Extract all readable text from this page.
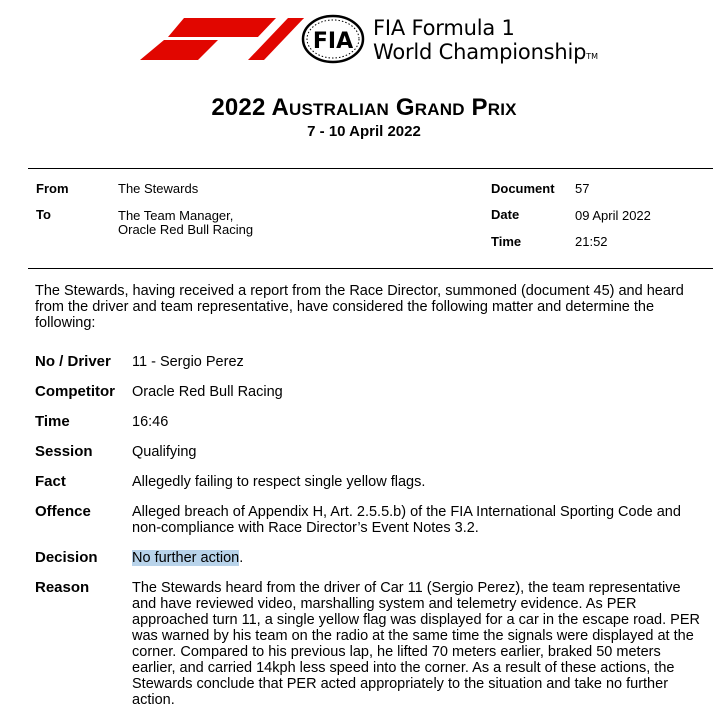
FIA
FIA Formula 1
World ChampionshipTM
2022 Australian Grand Prix
7 - 10 April 2022
From	The Stewards
To	The Team Manager,
Oracle Red Bull Racing
Document 57
Date	09 April 2022
Time	21:52
The Stewards, having received a report from the Race Director, summoned (document 45) and heard from the driver and team representative, have considered the following matter and determine the following:
No / Driver 11 - Sergio Perez
Competitor Oracle Red Bull Racing
Time	16:46
Session	Qualifying
Fact	Allegedly failing to respect single yellow flags.
Offence	Alleged breach of Appendix H, Art. 2.5.5.b) of the FIA International Sporting Code and non-compliance with Race Director’s Event Notes 3.2.
Decision No further action.
Reason	The Stewards heard from the driver of Car 11 (Sergio Perez), the team representative and have reviewed video, marshalling system and telemetry evidence. As PER approached turn 11, a single yellow flag was displayed for a car in the escape road. PER was warned by his team on the radio at the same time the signals were displayed at the corner. Compared to his previous lap, he lifted 70 meters earlier, braked 50 meters earlier, and carried 14kph less speed into the corner. As a result of these actions, the Stewards conclude that PER acted appropriately to the situation and take no further action.
